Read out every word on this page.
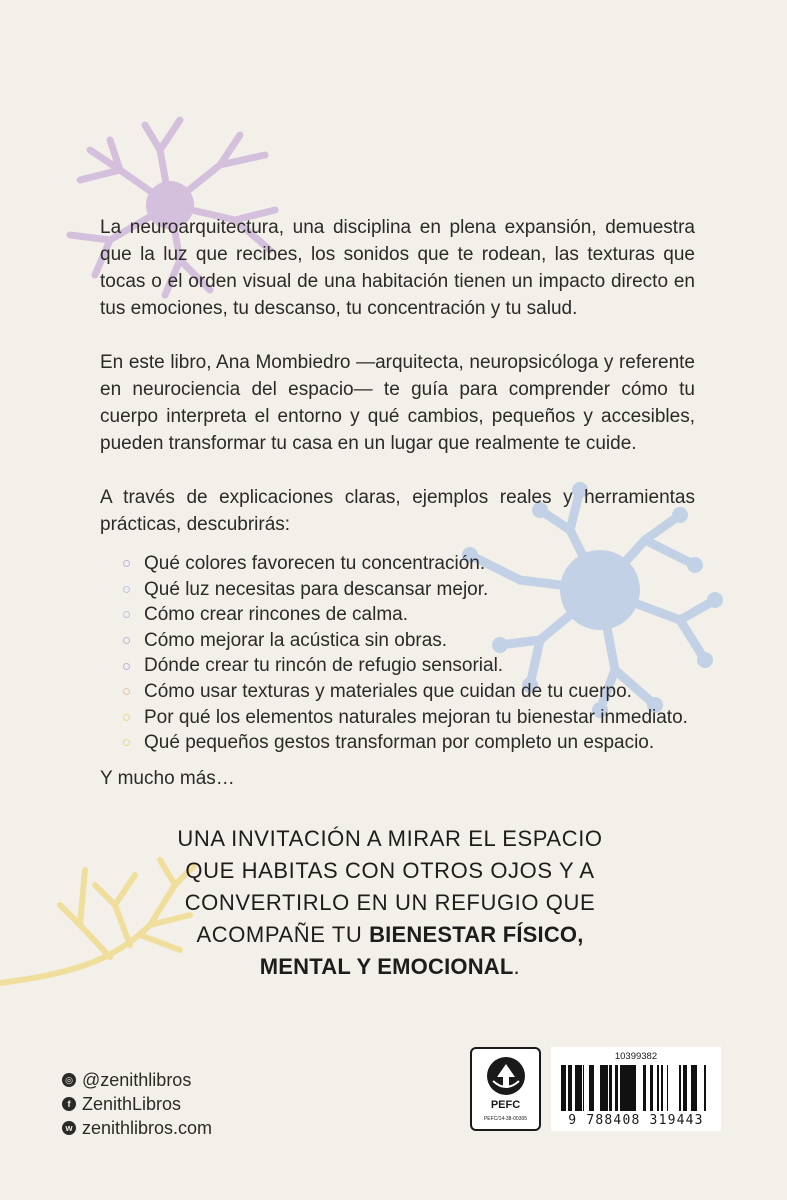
La neuroarquitectura, una disciplina en plena expansión, demuestra que la luz que recibes, los sonidos que te rodean, las texturas que tocas o el orden visual de una habitación tienen un impacto directo en tus emociones, tu descanso, tu concentración y tu salud.

En este libro, Ana Mombiedro —arquitecta, neuropsicóloga y referente en neurociencia del espacio— te guía para comprender cómo tu cuerpo interpreta el entorno y qué cambios, pequeños y accesibles, pueden transformar tu casa en un lugar que realmente te cuide.

A través de explicaciones claras, ejemplos reales y herramientas prácticas, descubrirás:

Qué colores favorecen tu concentración.
Qué luz necesitas para descansar mejor.
Cómo crear rincones de calma.
Cómo mejorar la acústica sin obras.
Dónde crear tu rincón de refugio sensorial.
Cómo usar texturas y materiales que cuidan de tu cuerpo.
Por qué los elementos naturales mejoran tu bienestar inmediato.
Qué pequeños gestos transforman por completo un espacio.

Y mucho más…

UNA INVITACIÓN A MIRAR EL ESPACIO
QUE HABITAS CON OTROS OJOS Y A
CONVERTIRLO EN UN REFUGIO QUE
ACOMPAÑE TU BIENESTAR FÍSICO,
MENTAL Y EMOCIONAL.

◎ @zenithlibros
f ZenithLibros
w zenithlibros.com
PEFC
PEFC/14-38-00305
10399382
9 788408 319443
